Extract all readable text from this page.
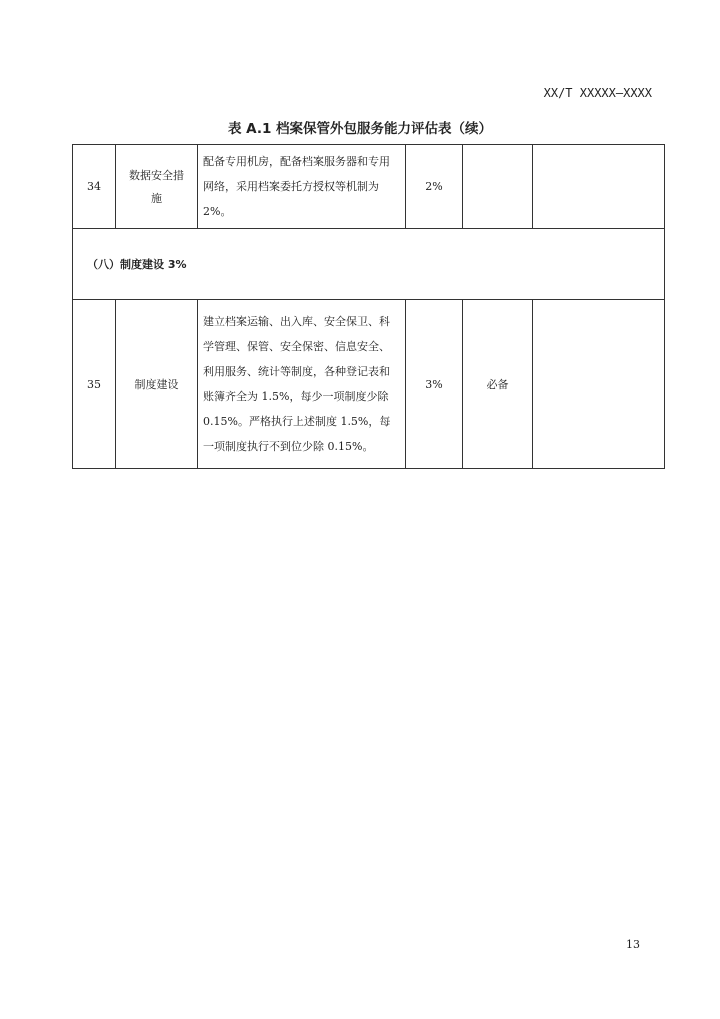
XX/T XXXXX—XXXX
表 A.1 档案保管外包服务能力评估表（续）
34	数据安全措施	配备专用机房，配备档案服务器和专用网络，采用档案委托方授权等机制为 2%。	2%		
（八）制度建设 3%					
35	制度建设	建立档案运输、出入库、安全保卫、科学管理、保管、安全保密、信息安全、利用服务、统计等制度，各种登记表和账簿齐全为 1.5%，每少一项制度少除 0.15%。严格执行上述制度 1.5%，每一项制度执行不到位少除 0.15%。	3%	必备	
13
